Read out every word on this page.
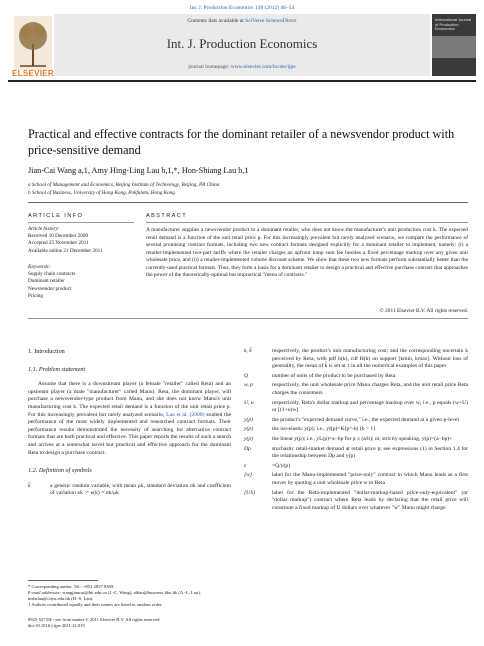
Int. J. Production Economics 138 (2012) 46–54
Contents lists available at SciVerse ScienceDirect
Int. J. Production Economics
journal homepage: www.elsevier.com/locate/ijpe
ELSEVIER
International Journal of Production Economics
Practical and effective contracts for the dominant retailer of a newsvendor product with price-sensitive demand
Jian-Cai Wang a,1, Amy Hing-Ling Lau b,1,*, Hon-Shiang Lau b,1
a School of Management and Economics, Beijing Institute of Technology, Beijing, PR China
b School of Business, University of Hong Kong, Pokfulam, Hong Kong
ARTICLE INFO	ABSTRACT
Article history:
Received 10 December 2009
Accepted 25 November 2011
Available online 21 December 2011
Keywords:
Supply chain contracts
Dominant retailer
Newsvendor product
Pricing
A manufacturer supplies a newsvendor product to a dominant retailer, who does not know the manufacturer's unit production cost k. The expected retail demand is a function of the unit retail price p. For this increasingly prevalent but rarely analyzed scenario, we compare the performance of several promising contract formats, including two new contract formats designed explicitly for a dominant retailer to implement, namely: (i) a retailer-implemented two-part tariffs where the retailer charges an upfront lump sum fee besides a fixed percentage markup over any given unit wholesale price, and (ii) a retailer-implemented volume discount scheme. We show that these two new formats perform substantially better than the currently-used practical formats. Thus, they form a basis for a dominant retailer to design a practical and effective purchase contract that approaches the power of the theoretically-optimal but impractical "menu of contracts."
© 2011 Elsevier B.V. All rights reserved.
1. Introduction
1.1. Problem statement
Assume that there is a downstream player (a female "retailer" called Reta) and an upstream player (a male "manufacturer" called Manu). Reta, the dominant player, will purchase a newsvendor-type product from Manu, and she does not know Manu's unit manufacturing cost k. The expected retail demand is a function of the unit retail price p. For this increasingly prevalent but rarely analyzed scenario, Lau et al. (2008) studied the performance of the most widely implemented and researched contract formats. Their performance results demonstrated the necessity of searching for alternative contract formats that are both practical and effective. This paper reports the results of such a search and arrives at a somewhat novel but practical and effective approach for the dominant Reta to design a purchase contract.
1.2. Definition of symbols
k̃	a generic random variable, with mean μk, standard deviation σk and coefficient of variation κk := κ(k) = σk/μk
k, k̂	respectively, the product's unit manufacturing cost; and the corresponding uncertain k perceived by Reta, with pdf h(k), cdf H(k) on support [kmin, kmax]. Without loss of generality, the mean of k̂ is set at 1 in all the numerical examples of this paper
Q	number of units of the product to be purchased by Reta
w, p	respectively, the unit wholesale price Manu charges Reta, and the unit retail price Reta charges the consumers
U, u	respectively, Reta's dollar markup and percentage markup over w; i.e., p equals (w+U) or [(1+u)w]
y(p)	the product's "expected demand curve," i.e., the expected demand at a given p-level
y(p)	the iso-elastic y(p); i.e., yI(p)=K(p^-b) (b > 1)
y(p)	the linear y(p); i.e., yL(p)=a−bp for p ≤ (a/b); or, strictly speaking, y(p)=(a−bp)+
Dp	stochastic retail-market demand at retail price p; see expressions (1) in Section 1.4 for the relationship between Dp and y(p)
z	=Q/y(p)
[w]	label for the Manu-implemented "price-only" contract in which Manu leads as a first mover by quoting a unit wholesale price w to Reta
[US]	label for the Reta-implemented "dollar-markup-based price-only-equivalent" (or "dollar markup") contract where Reta leads by declaring that the retail price will constitute a fixed markup of U dollars over whatever "w" Manu might charge
* Corresponding author. Tel.: +852 2857 8369.
E-mail addresses: wangjiancai@bit.edu.cn (J.-C. Wang), ahlau@business.hku.hk (A.-L. Lau), mshslau@cityu.edu.hk (H.-S. Lau).
1 Authors contributed equally and their names are listed in random order.
0925-5273/$ - see front matter © 2011 Elsevier B.V. All rights reserved.
doi:10.1016/j.ijpe.2011.12.019
